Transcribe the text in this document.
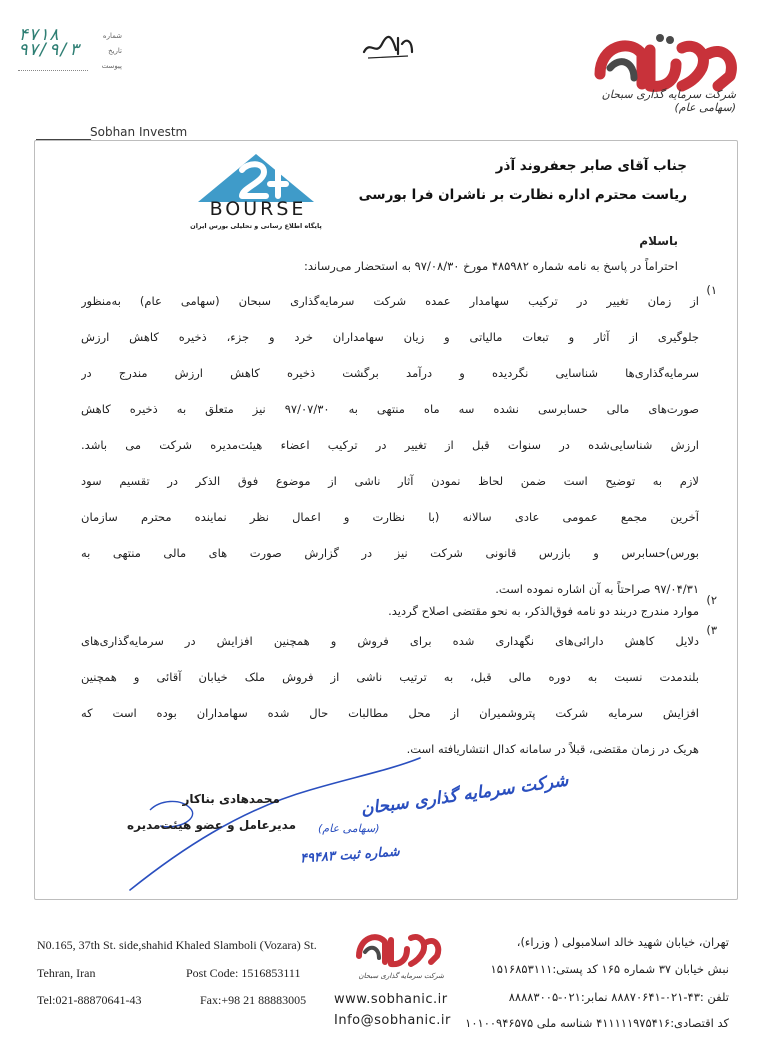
شماره
۴۷۱۸
تاریخ
۹۷/۹/۳
پیوست
شرکت سرمایه گذاری سبحان (سهامی عام)
Sobhan Investm
BOURSE
پایگاه اطلاع رسانی و تحلیلی بورس ایران
جناب آقای صابر جعفروند آذر
ریاست محترم اداره نظارت بر ناشران فرا بورسی
باسلام
احتراماً در پاسخ به نامه شماره ۴۸۵۹۸۲ مورخ ۹۷/۰۸/۳۰ به استحضار می‌رساند:
۱)

از زمان تغییر در ترکیب سهامدار عمده شرکت سرمایه‌گذاری سبحان (سهامی عام) به‌منظور
جلوگیری از آثار و تبعات مالیاتی و زیان سهامداران خرد و جزء، ذخیره کاهش ارزش
سرمایه‌گذاری‌ها شناسایی نگردیده و درآمد برگشت ذخیره کاهش ارزش مندرج در
صورت‌های مالی حسابرسی نشده سه ماه منتهی به ۹۷/۰۷/۳۰ نیز متعلق به ذخیره کاهش
ارزش شناسایی‌شده در سنوات قبل از تغییر در ترکیب اعضاء هیئت‌مدیره شرکت می باشد.
لازم به توضیح است ضمن لحاظ نمودن آثار ناشی از موضوع فوق الذکر در تقسیم سود
آخرین مجمع عمومی عادی سالانه (با نظارت و اعمال نظر نماینده محترم سازمان
بورس)حسابرس و بازرس قانونی شرکت نیز در گزارش صورت های مالی منتهی به
۹۷/۰۴/۳۱ صراحتاً به آن اشاره نموده است.

۲)

موارد مندرج دربند دو نامه فوق‌الذکر، به نحو مقتضی اصلاح گردید.

۳)

دلایل کاهش دارائی‌های نگهداری شده برای فروش و همچنین افزایش در سرمایه‌گذاری‌های
بلندمدت نسبت به دوره مالی قبل، به ترتیب ناشی از فروش ملک خیابان آقائی و همچنین
افزایش سرمایه شرکت پتروشمیران از محل مطالبات حال شده سهامداران بوده است که
هریک در زمان مقتضی، قبلاً در سامانه کدال انتشاریافته است.

شرکت سرمایه گذاری سبحان
(سهامی عام)
شماره ثبت ۴۹۴۸۳
محمدهادی بناکار
مدیرعامل و عضو هیئت‌مدیره
N0.165, 37th St. side,shahid Khaled Slamboli (Vozara) St.
Tehran, Iran	Post Code: 1516853111
Tel:021-88870641-43	Fax:+98 21 88883005
شرکت سرمایه گذاری سبحان
www.sobhanic.ir
Info@sobhanic.ir
تهران، خیابان شهید خالد اسلامبولی ( وزراء)،
نبش خیابان ۳۷ شماره ۱۶۵ کد پستی:۱۵۱۶۸۵۳۱۱۱
تلفن :۴۳-۰۲۱-۸۸۸۷۰۶۴۱ نمابر:۰۲۱-۸۸۸۸۳۰۰۵
کد اقتصادی:۴۱۱۱۱۱۹۷۵۴۱۶ شناسه ملی ۱۰۱۰۰۹۴۶۵۷۵
